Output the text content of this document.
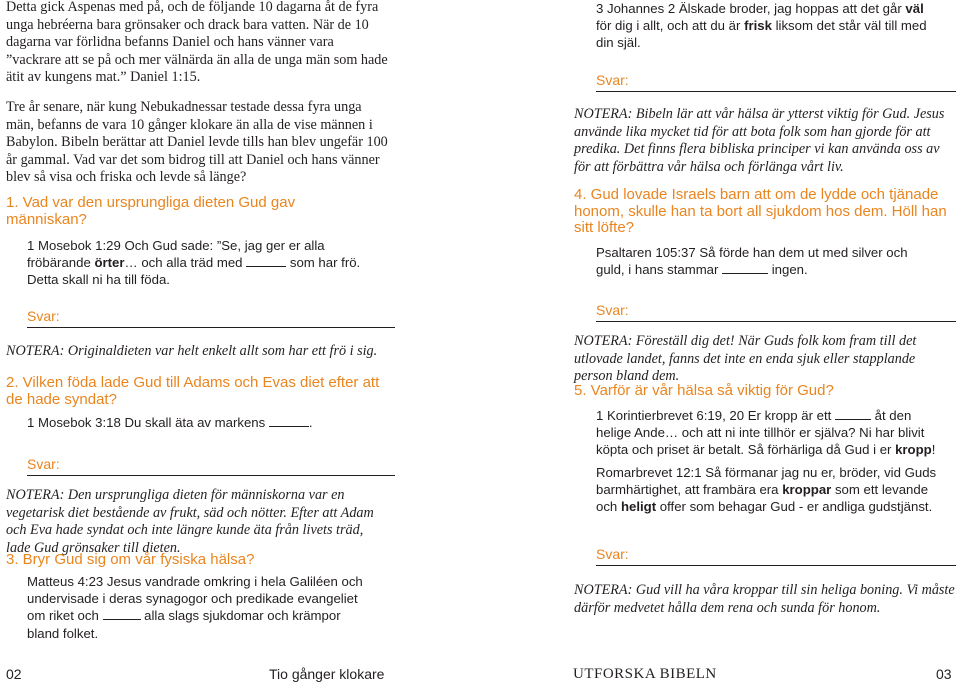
Detta gick Aspenas med på, och de följande 10 dagarna åt de fyra unga hebréerna bara grönsaker och drack bara vatten. När de 10 dagarna var förlidna befanns Daniel och hans vänner vara ”vackrare att se på och mer välnärda än alla de unga män som hade ätit av kungens mat.” Daniel 1:15.

Tre år senare, när kung Nebukadnessar testade dessa fyra unga män, befanns de vara 10 gånger klokare än alla de vise männen i Babylon. Bibeln berättar att Daniel levde tills han blev ungefär 100 år gammal. Vad var det som bidrog till att Daniel och hans vänner blev så visa och friska och levde så länge?

1. Vad var den ursprungliga dieten Gud gav människan?

1 Mosebok 1:29 Och Gud sade: ”Se, jag ger er alla fröbärande örter… och alla träd med	som har frö. Detta skall ni ha till föda.

Svar:

NOTERA: Originaldieten var helt enkelt allt som har ett frö i sig.

2. Vilken föda lade Gud till Adams och Evas diet efter att de hade syndat?

1 Mosebok 3:18 Du skall äta av markens	.

Svar:

NOTERA: Den ursprungliga dieten för människorna var en vegetarisk diet bestående av frukt, säd och nötter. Efter att Adam och Eva hade syndat och inte längre kunde äta från livets träd, lade Gud grönsaker till dieten.

3. Bryr Gud sig om vår fysiska hälsa?

Matteus 4:23 Jesus vandrade omkring i hela Galiléen och undervisade i deras synagogor och predikade evangeliet om riket och	alla slags sjukdomar och krämpor bland folket.

3 Johannes 2 Älskade broder, jag hoppas att det går väl för dig i allt, och att du är frisk liksom det står väl till med din själ.

Svar:

NOTERA: Bibeln lär att vår hälsa är ytterst viktig för Gud. Jesus använde lika mycket tid för att bota folk som han gjorde för att predika. Det finns flera bibliska principer vi kan använda oss av för att förbättra vår hälsa och förlänga vårt liv.

4. Gud lovade Israels barn att om de lydde och tjänade honom, skulle han ta bort all sjukdom hos dem. Höll han sitt löfte?

Psaltaren 105:37 Så förde han dem ut med silver och guld, i hans stammar	ingen.

Svar:

NOTERA: Föreställ dig det! När Guds folk kom fram till det utlovade landet, fanns det inte en enda sjuk eller stapplande person bland dem.

5. Varför är vår hälsa så viktig för Gud?

1 Korintierbrevet 6:19, 20 Er kropp är ett	åt den helige Ande… och att ni inte tillhör er själva? Ni har blivit köpta och priset är betalt. Så förhärliga då Gud i er kropp!

Romarbrevet 12:1 Så förmanar jag nu er, bröder, vid Guds barmhärtighet, att frambära era kroppar som ett levande och heligt offer som behagar Gud - er andliga gudstjänst.

Svar:

NOTERA: Gud vill ha våra kroppar till sin heliga boning. Vi måste därför medvetet hålla dem rena och sunda för honom.

02	Tio gånger klokare	UTFORSKA BIBELN	03
